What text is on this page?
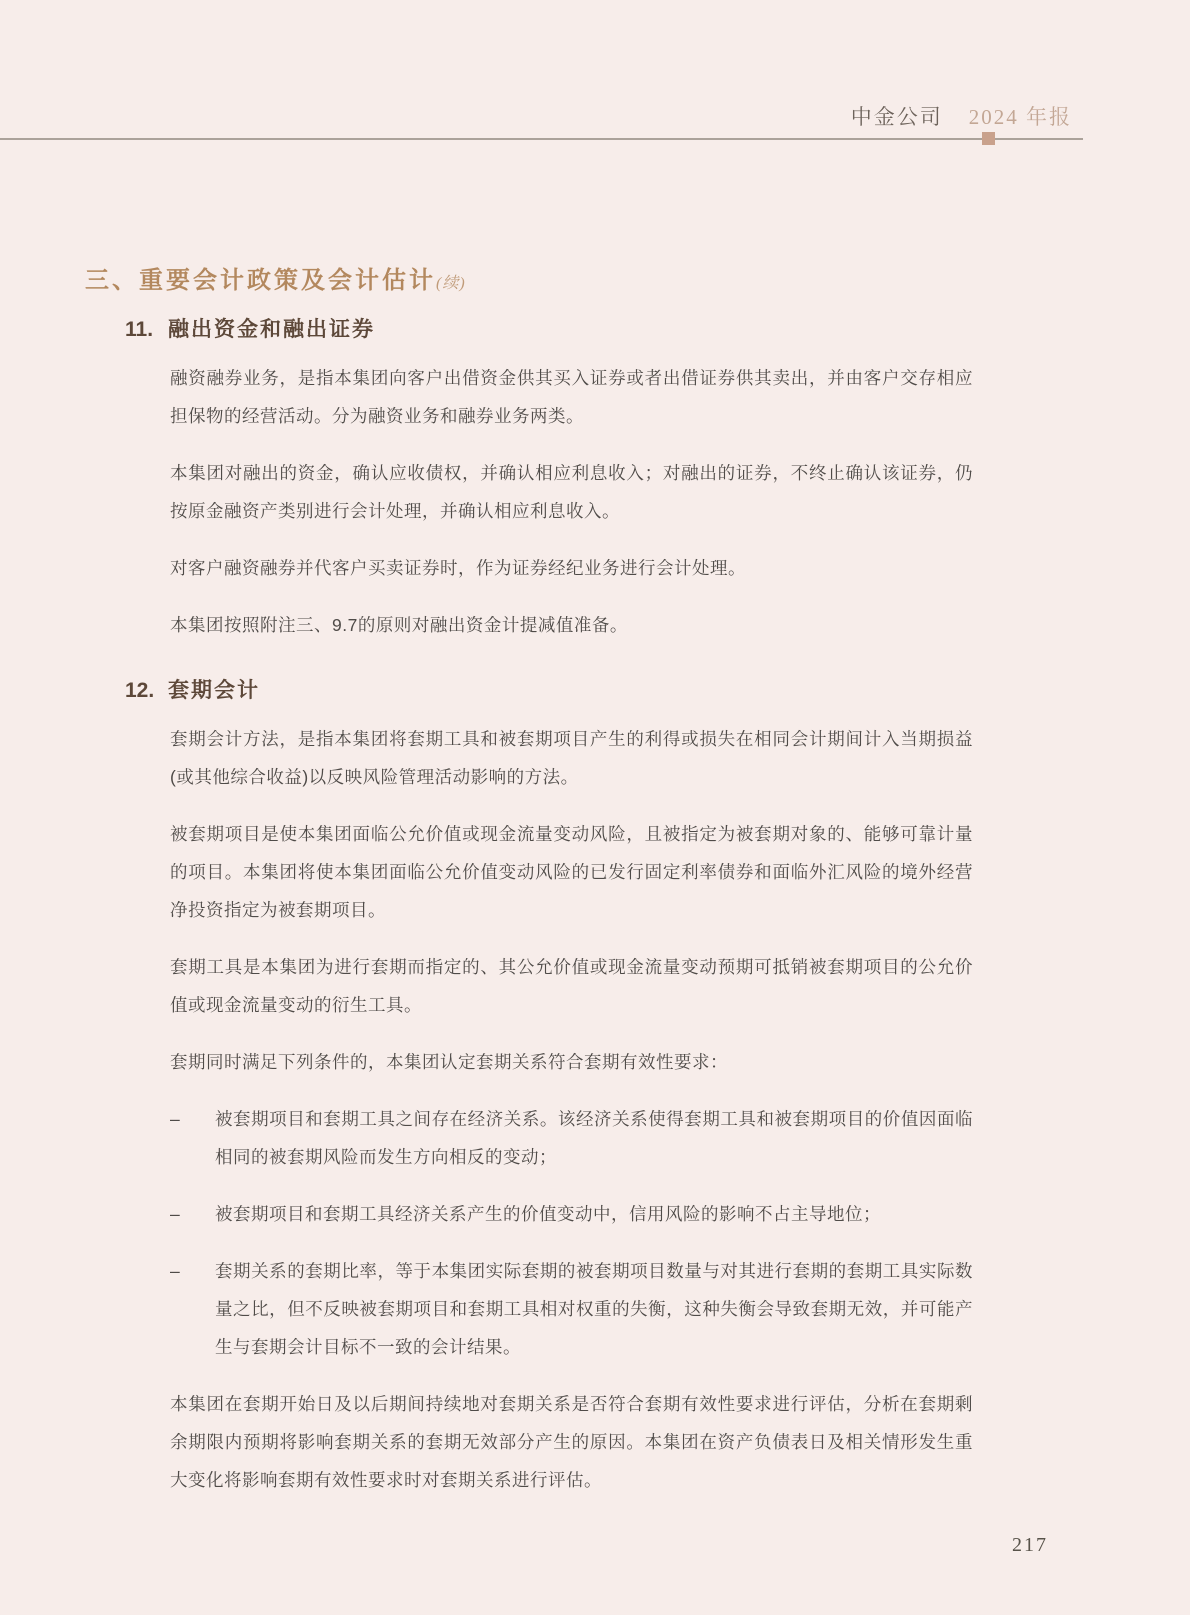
中金公司 2024 年报
三、重要会计政策及会计估计(续)
11. 融出资金和融出证券

融资融券业务，是指本集团向客户出借资金供其买入证券或者出借证券供其卖出，并由客户交存相应担保物的经营活动。分为融资业务和融券业务两类。

本集团对融出的资金，确认应收债权，并确认相应利息收入；对融出的证券，不终止确认该证券，仍按原金融资产类别进行会计处理，并确认相应利息收入。

对客户融资融券并代客户买卖证券时，作为证券经纪业务进行会计处理。

本集团按照附注三、9.7的原则对融出资金计提减值准备。

12. 套期会计

套期会计方法，是指本集团将套期工具和被套期项目产生的利得或损失在相同会计期间计入当期损益(或其他综合收益)以反映风险管理活动影响的方法。

被套期项目是使本集团面临公允价值或现金流量变动风险，且被指定为被套期对象的、能够可靠计量的项目。本集团将使本集团面临公允价值变动风险的已发行固定利率债券和面临外汇风险的境外经营净投资指定为被套期项目。

套期工具是本集团为进行套期而指定的、其公允价值或现金流量变动预期可抵销被套期项目的公允价值或现金流量变动的衍生工具。

套期同时满足下列条件的，本集团认定套期关系符合套期有效性要求：

–	被套期项目和套期工具之间存在经济关系。该经济关系使得套期工具和被套期项目的价值因面临相同的被套期风险而发生方向相反的变动；
–	被套期项目和套期工具经济关系产生的价值变动中，信用风险的影响不占主导地位；
–	套期关系的套期比率，等于本集团实际套期的被套期项目数量与对其进行套期的套期工具实际数量之比，但不反映被套期项目和套期工具相对权重的失衡，这种失衡会导致套期无效，并可能产生与套期会计目标不一致的会计结果。

本集团在套期开始日及以后期间持续地对套期关系是否符合套期有效性要求进行评估，分析在套期剩余期限内预期将影响套期关系的套期无效部分产生的原因。本集团在资产负债表日及相关情形发生重大变化将影响套期有效性要求时对套期关系进行评估。

217
